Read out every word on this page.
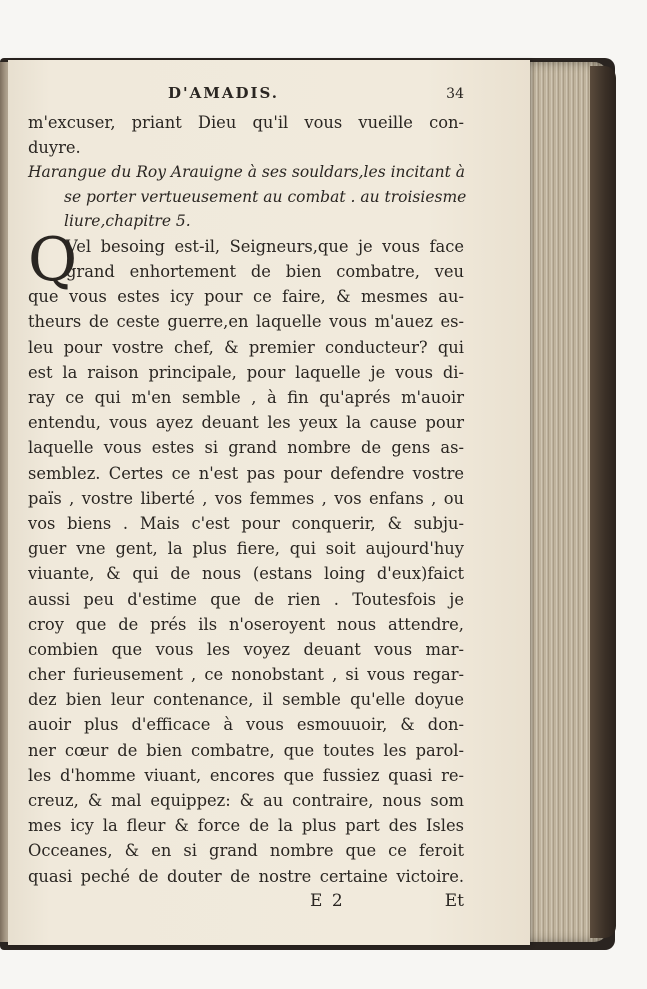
D'AMADIS.	34
m'excuser, priant Dieu qu'il vous vueille con-
duyre.
Harangue du Roy Arauigne à ses souldars,les incitant à
se porter vertueusement au combat . au troisiesme
liure,chapitre 5.
Q
Vel besoing est-il, Seigneurs,que je vous face
grand enhortement de bien combatre, veu
que vous estes icy pour ce faire, & mesmes au-
theurs de ceste guerre,en laquelle vous m'auez es-
leu pour vostre chef, & premier conducteur? qui
est la raison principale, pour laquelle je vous di-
ray ce qui m'en semble , à fin qu'aprés m'auoir
entendu, vous ayez deuant les yeux la cause pour
laquelle vous estes si grand nombre de gens as-
semblez. Certes ce n'est pas pour defendre vostre
païs , vostre liberté , vos femmes , vos enfans , ou
vos biens . Mais c'est pour conquerir, & subju-
guer vne gent, la plus fiere, qui soit aujourd'huy
viuante, & qui de nous (estans loing d'eux)faict
aussi peu d'estime que de rien . Toutesfois je
croy que de prés ils n'oseroyent nous attendre,
combien que vous les voyez deuant vous mar-
cher furieusement , ce nonobstant , si vous regar-
dez bien leur contenance, il semble qu'elle doyue
auoir plus d'efficace à vous esmouuoir, & don-
ner cœur de bien combatre, que toutes les parol-
les d'homme viuant, encores que fussiez quasi re-
creuz, & mal equippez: & au contraire, nous som
mes icy la fleur & force de la plus part des Isles
Occeanes, & en si grand nombre que ce feroit
quasi peché de douter de nostre certaine victoire.
E 2	Et
